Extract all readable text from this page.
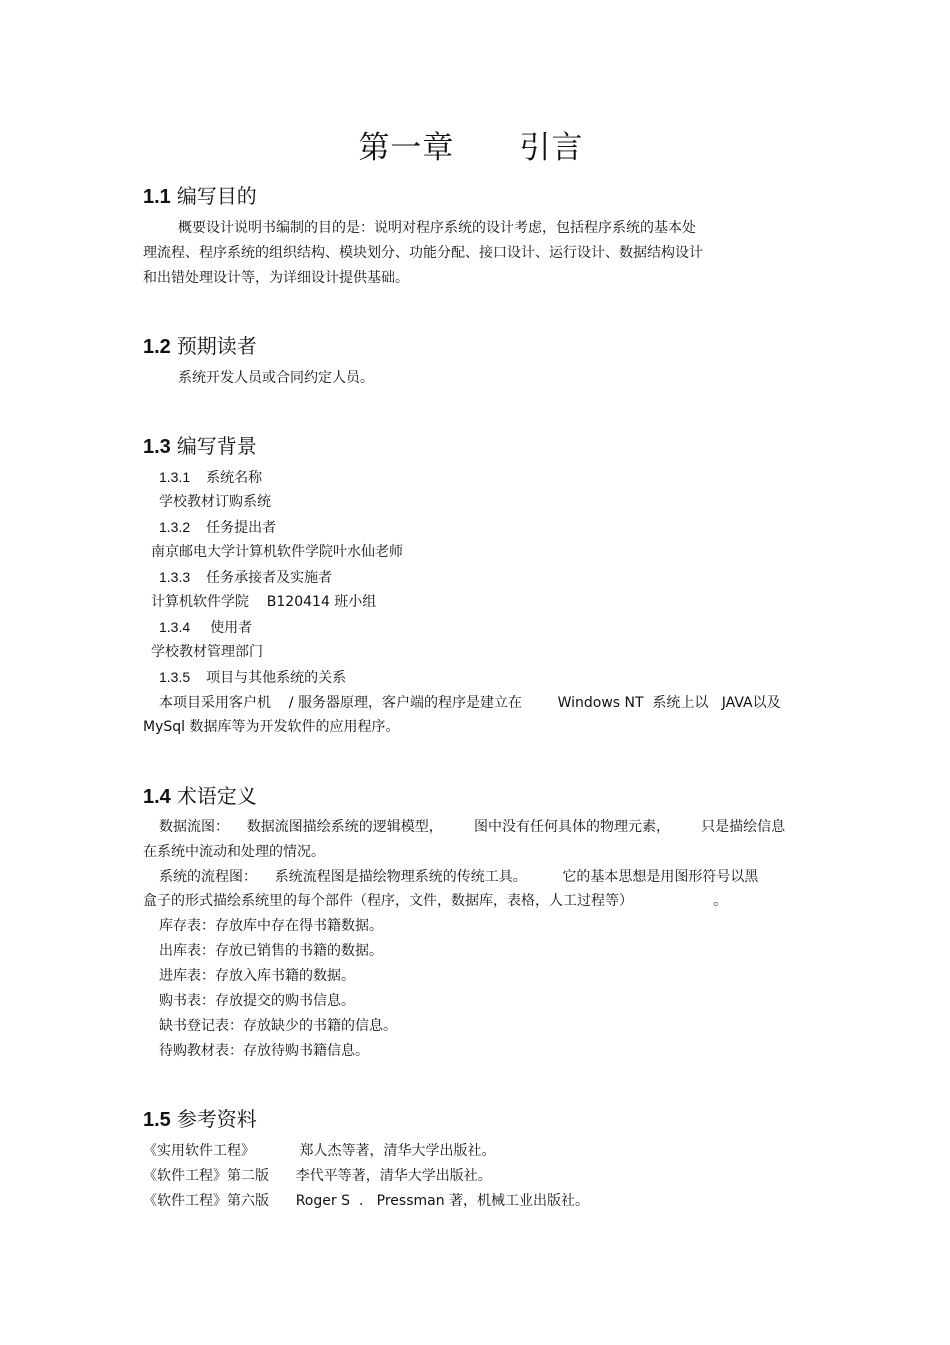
第一章      引言
1.1 编写目的
概要设计说明书编制的目的是：说明对程序系统的设计考虑，包括程序系统的基本处
理流程、程序系统的组织结构、模块划分、功能分配、接口设计、运行设计、数据结构设计
和出错处理设计等，为详细设计提供基础。
1.2 预期读者
系统开发人员或合同约定人员。
1.3 编写背景
1.3.1 系统名称
学校教材订购系统
1.3.2 任务提出者
南京邮电大学计算机软件学院叶水仙老师
1.3.3 任务承接者及实施者
计算机软件学院    B120414 班小组
1.3.4 使用者
学校教材管理部门
1.3.5 项目与其他系统的关系
本项目采用客户机    / 服务器原理，客户端的程序是建立在        Windows NT  系统上以   JAVA以及
MySql 数据库等为开发软件的应用程序。
1.4 术语定义
数据流图：    数据流图描绘系统的逻辑模型，       图中没有任何具体的物理元素，       只是描绘信息
在系统中流动和处理的情况。
系统的流程图：    系统流程图是描绘物理系统的传统工具。        它的基本思想是用图形符号以黑
盒子的形式描绘系统里的每个部件（程序，文件，数据库，表格，人工过程等）                  。
库存表：存放库中存在得书籍数据。
出库表：存放已销售的书籍的数据。
进库表：存放入库书籍的数据。
购书表：存放提交的购书信息。
缺书登记表：存放缺少的书籍的信息。
待购教材表：存放待购书籍信息。
1.5 参考资料
《实用软件工程》          郑人杰等著，清华大学出版社。
《软件工程》第二版      李代平等著，清华大学出版社。
《软件工程》第六版      Roger S  .   Pressman 著，机械工业出版社。
